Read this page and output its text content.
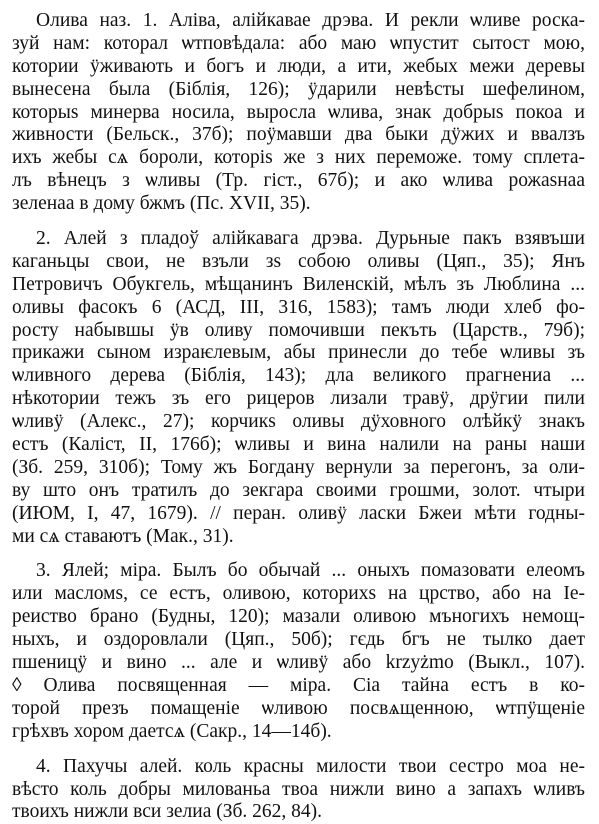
Олива наз. 1. Аліва, алійкавае дрэва. И рекли ѡливе роска-
зуй нам: которал ѡтповѣдала: або маю ѡпустит сытост мою,
котории ӱживають и богъ и люди, а ити, жебых межи деревы
вынесена была (Біблія, 126); ӱдарили невѣсты шефелином,
которыs минерва носила, выросла ѡлива, знак добрыs покоа и
живности (Бельск., 37б); поӱмавши два быки дӱжих и ввалзъ
ихъ жебы сѧ бороли, которіs же з них переможе. тому сплета-
лъ вѣнецъ з ѡливы (Тр. гіст., 67б); и ако ѡлива рожаsнаа
зеленаа в дому бжмъ (Пс. XVII, 35).
2. Алей з пладоў алійкавага дрэва. Дурьные пакъ взявъши
каганьцы свои, не взъли зs собою оливы (Цяп., 35); Янъ
Петровичъ Обукгель, мѣщанинъ Виленскій, мѣлъ зъ Люблина ...
оливы фасокъ 6 (АСД, III, 316, 1583); тамъ люди хлеб фо-
росту набывшы ӱв оливу помочивши пекъть (Царств., 79б);
прикажи сыном израѥлевым, абы принесли до тебе ѡливы зъ
ѡливного дерева (Біблія, 143); дла великого прагнениа ...
нѣкотории тежъ зъ его рицеров лизали травӱ, дрӱгии пили
ѡливӱ (Алекс., 27); корчикs оливы дӱховного олѣйкӱ знакъ
естъ (Каліст, II, 176б); ѡливы и вина налили на раны наши
(Зб. 259, 310б); Тому жъ Богдану вернули за перегонъ, за оли-
ву што онъ тратилъ до зекгара своими грошми, золот. чтыри
(ИЮМ, I, 47, 1679). // перан. оливӱ ласки Бжеи мѣти годны-
ми сѧ ставаютъ (Мак., 31).
3. Ялей; міра. Былъ бо обычай ... оныхъ помазовати елеомъ
или масломs, се естъ, оливою, которихs на црство, або на Іе-
реиство брано (Будны, 120); мазали оливою мъногихъ немощ-
ныхъ, и оздоровлали (Цяп., 50б); гєдь бгъ не тылко дает
пшеницӱ и вино ... але и ѡливӱ або krzyżmo (Выкл., 107).
◊ Олива посвященная — міра. Сіа тайна естъ в ко-
торой презъ помащеніе ѡливою посвѧщенною, ѡтпӱщеніе
грѣхвъ хором даетсѧ (Сакр., 14—14б).
4. Пахучы алей. коль красны милости твои сестро моа не-
вѣсто коль добры милованьа твоа нижли вино а запахъ ѡливъ
твоихъ нижли вси зелиа (Зб. 262, 84).
